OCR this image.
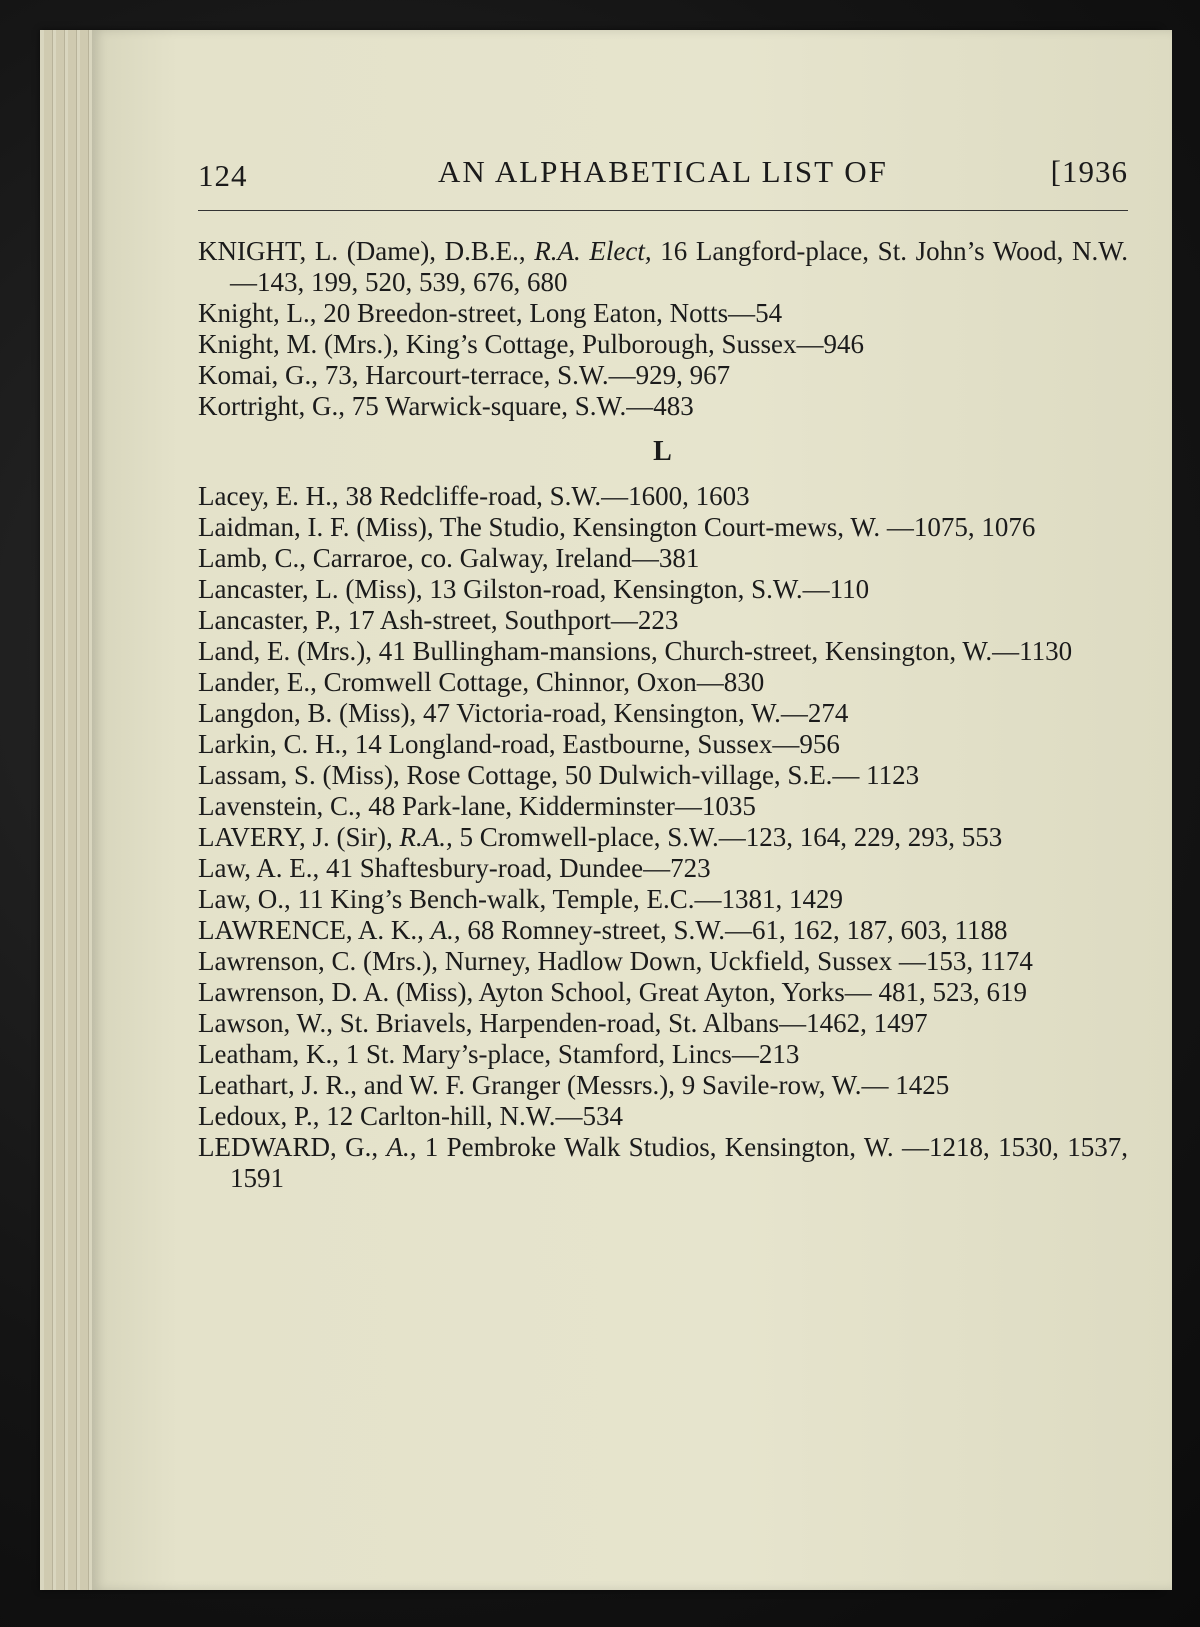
124	AN ALPHABETICAL LIST OF	[1936
KNIGHT, L. (Dame), D.B.E., R.A. Elect, 16 Langford-place, St. John’s Wood, N.W.—143, 199, 520, 539, 676, 680
Knight, L., 20 Breedon-street, Long Eaton, Notts—54
Knight, M. (Mrs.), King’s Cottage, Pulborough, Sussex—946
Komai, G., 73, Harcourt-terrace, S.W.—929, 967
Kortright, G., 75 Warwick-square, S.W.—483
L
Lacey, E. H., 38 Redcliffe-road, S.W.—1600, 1603
Laidman, I. F. (Miss), The Studio, Kensington Court-mews, W. —1075, 1076
Lamb, C., Carraroe, co. Galway, Ireland—381
Lancaster, L. (Miss), 13 Gilston-road, Kensington, S.W.—110
Lancaster, P., 17 Ash-street, Southport—223
Land, E. (Mrs.), 41 Bullingham-mansions, Church-street, Kensington, W.—1130
Lander, E., Cromwell Cottage, Chinnor, Oxon—830
Langdon, B. (Miss), 47 Victoria-road, Kensington, W.—274
Larkin, C. H., 14 Longland-road, Eastbourne, Sussex—956
Lassam, S. (Miss), Rose Cottage, 50 Dulwich-village, S.E.— 1123
Lavenstein, C., 48 Park-lane, Kidderminster—1035
LAVERY, J. (Sir), R.A., 5 Cromwell-place, S.W.—123, 164, 229, 293, 553
Law, A. E., 41 Shaftesbury-road, Dundee—723
Law, O., 11 King’s Bench-walk, Temple, E.C.—1381, 1429
LAWRENCE, A. K., A., 68 Romney-street, S.W.—61, 162, 187, 603, 1188
Lawrenson, C. (Mrs.), Nurney, Hadlow Down, Uckfield, Sussex —153, 1174
Lawrenson, D. A. (Miss), Ayton School, Great Ayton, Yorks— 481, 523, 619
Lawson, W., St. Briavels, Harpenden-road, St. Albans—1462, 1497
Leatham, K., 1 St. Mary’s-place, Stamford, Lincs—213
Leathart, J. R., and W. F. Granger (Messrs.), 9 Savile-row, W.— 1425
Ledoux, P., 12 Carlton-hill, N.W.—534
LEDWARD, G., A., 1 Pembroke Walk Studios, Kensington, W. —1218, 1530, 1537, 1591
